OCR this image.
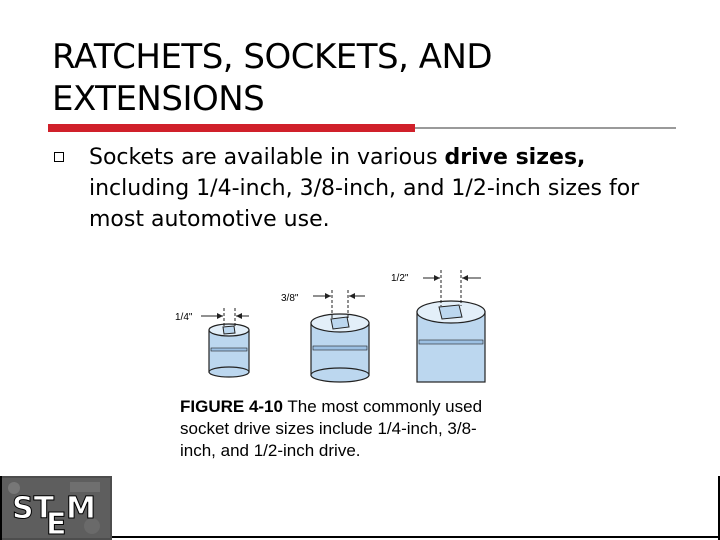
RATCHETS, SOCKETS, AND EXTENSIONS
Sockets are available in various drive sizes, including 1/4-inch, 3/8-inch, and 1/2-inch sizes for most automotive use.
1/4"
3/8"
1/2"
FIGURE 4-10 The most commonly used socket drive sizes include 1/4-inch, 3/8-inch, and 1/2-inch drive.
ST
E M
